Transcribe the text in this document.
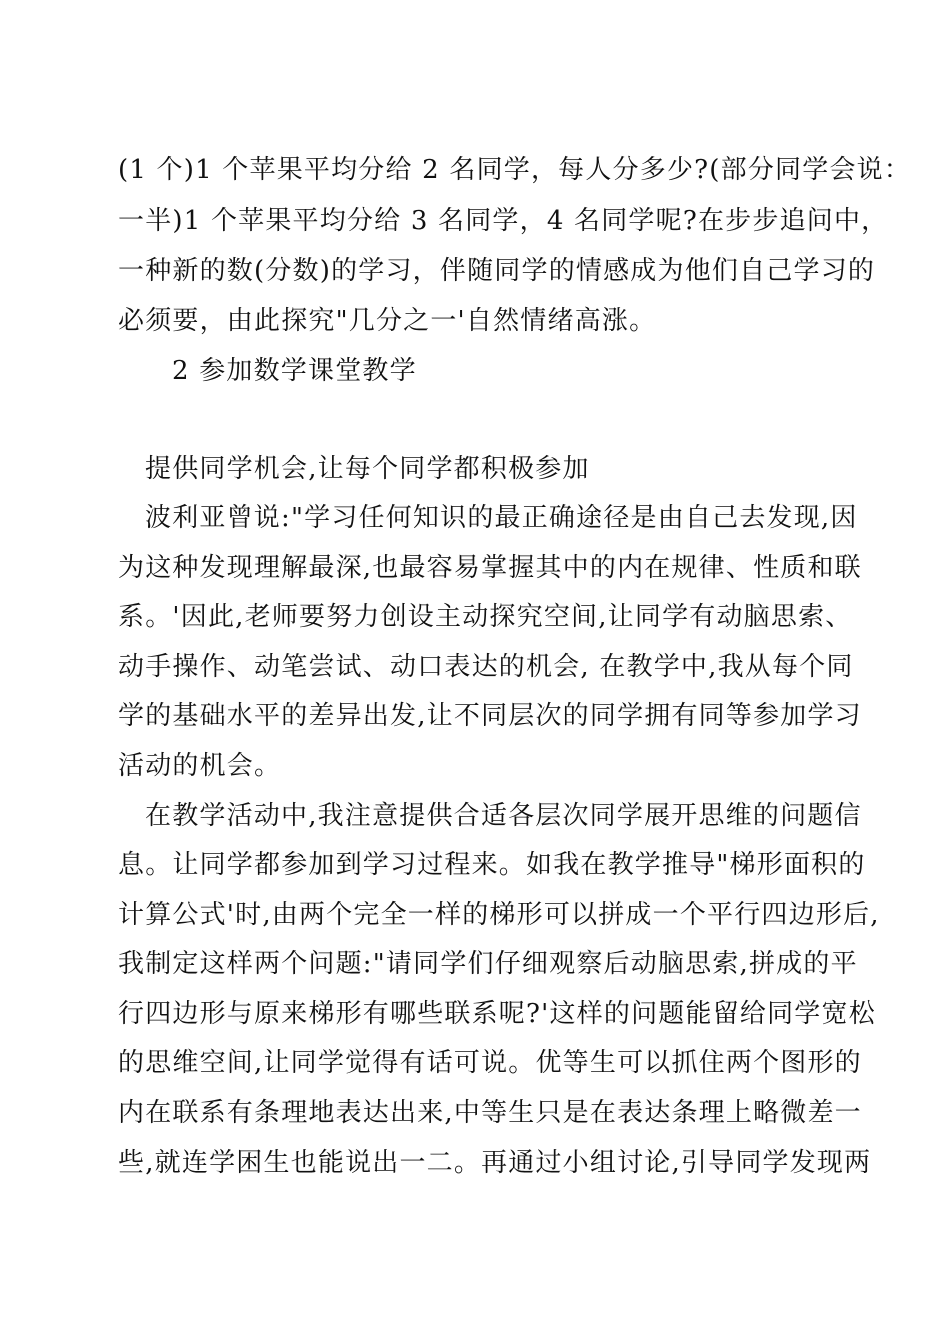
(1 个)1 个苹果平均分给 2 名同学，每人分多少?(部分同学会说：
一半)1 个苹果平均分给 3 名同学，4 名同学呢?在步步追问中，
一种新的数(分数)的学习，伴随同学的情感成为他们自己学习的
必须要，由此探究"几分之一'自然情绪高涨。
2 参加数学课堂教学
提供同学机会,让每个同学都积极参加
波利亚曾说:"学习任何知识的最正确途径是由自己去发现,因
为这种发现理解最深,也最容易掌握其中的内在规律、性质和联
系。'因此,老师要努力创设主动探究空间,让同学有动脑思索、
动手操作、动笔尝试、动口表达的机会, 在教学中,我从每个同
学的基础水平的差异出发,让不同层次的同学拥有同等参加学习
活动的机会。
在教学活动中,我注意提供合适各层次同学展开思维的问题信
息。让同学都参加到学习过程来。如我在教学推导"梯形面积的
计算公式'时,由两个完全一样的梯形可以拼成一个平行四边形后,
我制定这样两个问题:"请同学们仔细观察后动脑思索,拼成的平
行四边形与原来梯形有哪些联系呢?'这样的问题能留给同学宽松
的思维空间,让同学觉得有话可说。优等生可以抓住两个图形的
内在联系有条理地表达出来,中等生只是在表达条理上略微差一
些,就连学困生也能说出一二。再通过小组讨论,引导同学发现两
